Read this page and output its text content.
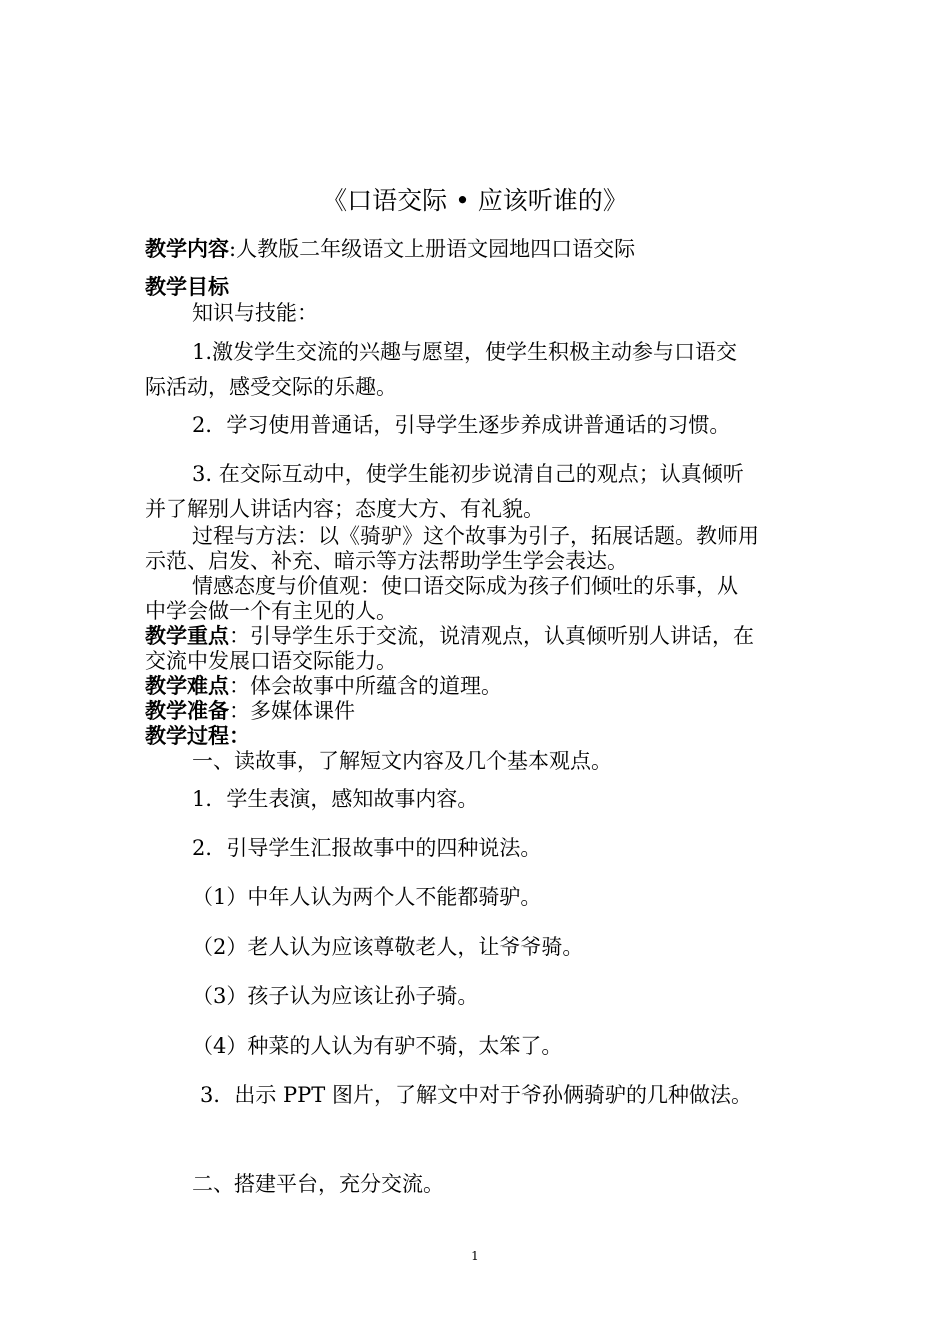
《口语交际 • 应该听谁的》
教学内容:人教版二年级语文上册语文园地四口语交际
教学目标
知识与技能：
1.激发学生交流的兴趣与愿望，使学生积极主动参与口语交
际活动，感受交际的乐趣。
2．学习使用普通话，引导学生逐步养成讲普通话的习惯。
3. 在交际互动中，使学生能初步说清自己的观点；认真倾听
并了解别人讲话内容；态度大方、有礼貌。
过程与方法：以《骑驴》这个故事为引子，拓展话题。教师用
示范、启发、补充、暗示等方法帮助学生学会表达。
情感态度与价值观：使口语交际成为孩子们倾吐的乐事，从
中学会做一个有主见的人。
教学重点：引导学生乐于交流，说清观点，认真倾听别人讲话，在
交流中发展口语交际能力。
教学难点：体会故事中所蕴含的道理。
教学准备：多媒体课件
教学过程：
一、读故事，了解短文内容及几个基本观点。
1．学生表演，感知故事内容。
2．引导学生汇报故事中的四种说法。
（1）中年人认为两个人不能都骑驴。
（2）老人认为应该尊敬老人，让爷爷骑。
（3）孩子认为应该让孙子骑。
（4）种菜的人认为有驴不骑，太笨了。
3．出示 PPT 图片，了解文中对于爷孙俩骑驴的几种做法。
二、搭建平台，充分交流。
1
